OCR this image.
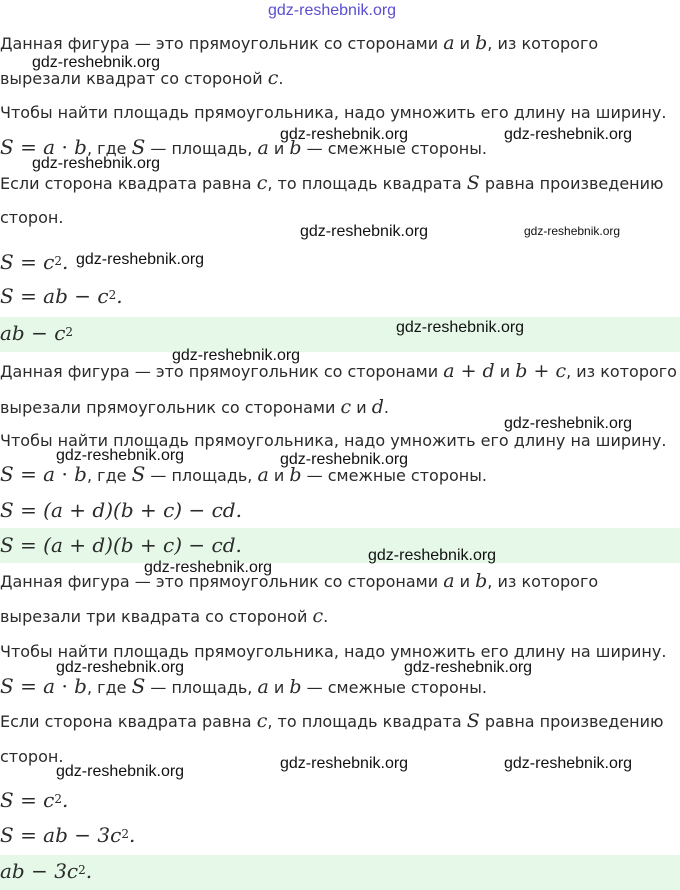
Данная фигура — это прямоугольник со сторонами a и b, из которого

вырезали квадрат со стороной c.

Чтобы найти площадь прямоугольника, надо умножить его длину на ширину.

S = a · b, где S — площадь, a и b — смежные стороны.

Если сторона квадрата равна c, то площадь квадрата S равна произведению

сторон.

$S = c^2$.

S = ab − $c^2$.

ab − $c^2$

Данная фигура — это прямоугольник со сторонами a + d и b + c, из которого

вырезали прямоугольник со сторонами c и d.

Чтобы найти площадь прямоугольника, надо умножить его длину на ширину.

S = a · b, где S — площадь, a и b — смежные стороны.

S = (a + d)(b + c) − cd.

S = (a + d)(b + c) − cd.

Данная фигура — это прямоугольник со сторонами a и b, из которого

вырезали три квадрата со стороной c.

Чтобы найти площадь прямоугольника, надо умножить его длину на ширину.

S = a · b, где S — площадь, a и b — смежные стороны.

Если сторона квадрата равна c, то площадь квадрата S равна произведению

сторон.

$S = c^2$.

S = ab − $3c^2$.

ab − $3c^2$.

gdz-reshebnik.org
gdz-reshebnik.org
gdz-reshebnik.org	gdz-reshebnik.org
gdz-reshebnik.org
gdz-reshebnik.org	gdz-reshebnik.org
gdz-reshebnik.org
gdz-reshebnik.org
gdz-reshebnik.org
gdz-reshebnik.org
gdz-reshebnik.org	gdz-reshebnik.org
gdz-reshebnik.org
gdz-reshebnik.org
gdz-reshebnik.org	gdz-reshebnik.org
gdz-reshebnik.org	gdz-reshebnik.org	gdz-reshebnik.org
